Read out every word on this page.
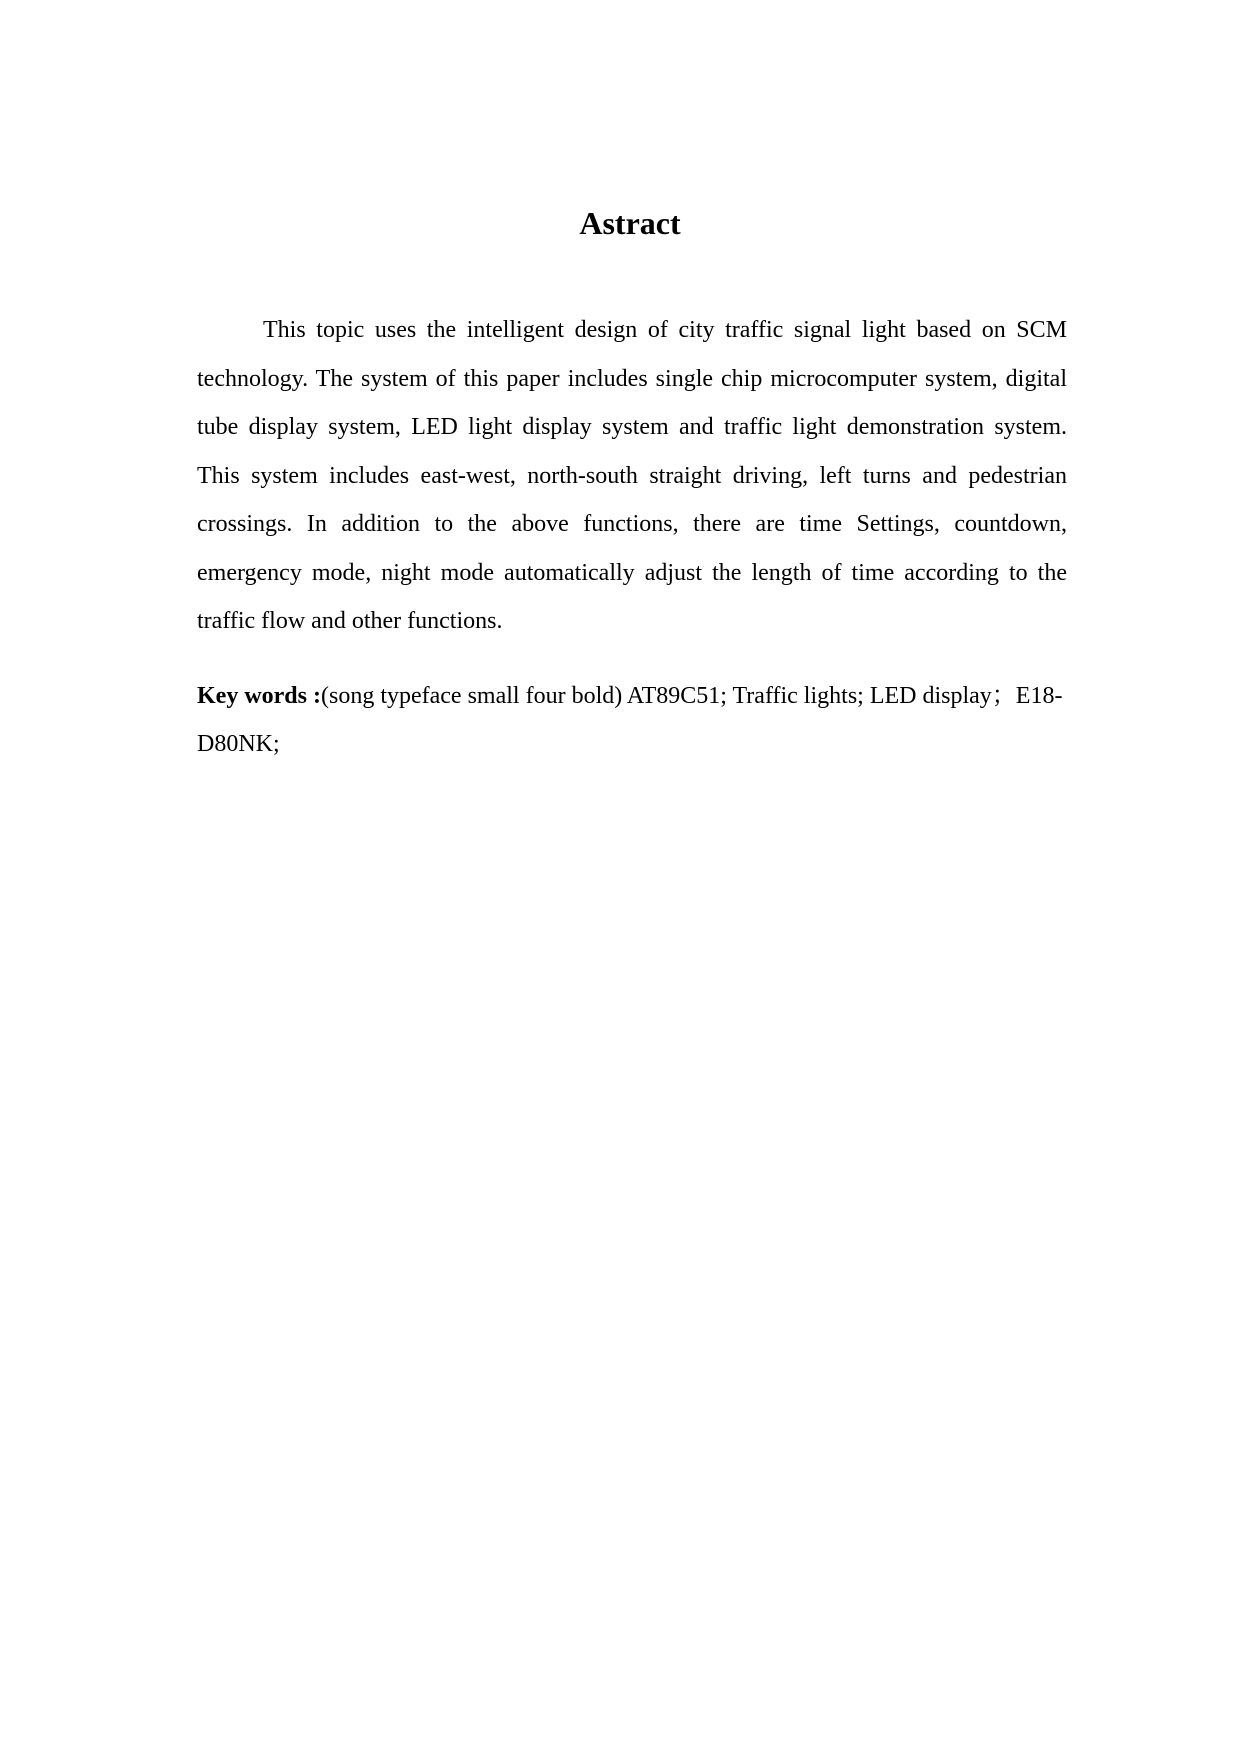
Astract

This topic uses the intelligent design of city traffic signal light based on SCM technology. The system of this paper includes single chip microcomputer system, digital tube display system, LED light display system and traffic light demonstration system. This system includes east-west, north-south straight driving, left turns and pedestrian crossings. In addition to the above functions, there are time Settings, countdown, emergency mode, night mode automatically adjust the length of time according to the traffic flow and other functions.

Key words :(song typeface small four bold) AT89C51; Traffic lights; LED display；E18-D80NK;
